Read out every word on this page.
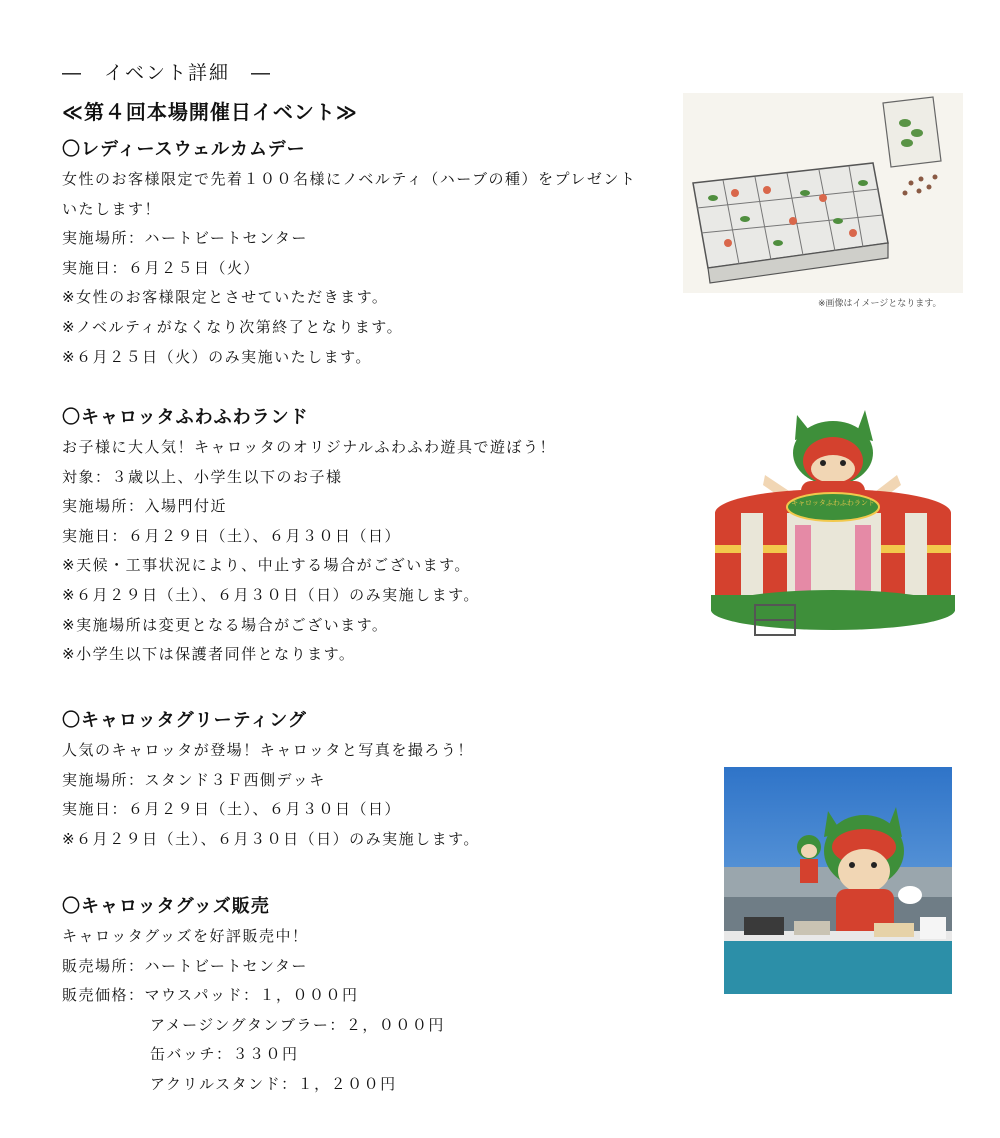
―　イベント詳細　―
≪第４回本場開催日イベント≫
〇レディースウェルカムデー
女性のお客様限定で先着１００名様にノベルティ（ハーブの種）をプレゼントいたします！
実施場所：ハートビートセンター
実施日：６月２５日（火）
※女性のお客様限定とさせていただきます。
※ノベルティがなくなり次第終了となります。
※６月２５日（火）のみ実施いたします。
〇キャロッタふわふわランド
お子様に大人気！キャロッタのオリジナルふわふわ遊具で遊ぼう！
対象：３歳以上、小学生以下のお子様
実施場所：入場門付近
実施日：６月２９日（土）、６月３０日（日）
※天候・工事状況により、中止する場合がございます。
※６月２９日（土）、６月３０日（日）のみ実施します。
※実施場所は変更となる場合がございます。
※小学生以下は保護者同伴となります。
〇キャロッタグリーティング
人気のキャロッタが登場！キャロッタと写真を撮ろう！
実施場所：スタンド３Ｆ西側デッキ
実施日：６月２９日（土）、６月３０日（日）
※６月２９日（土）、６月３０日（日）のみ実施します。
〇キャロッタグッズ販売
キャロッタグッズを好評販売中！
販売場所：ハートビートセンター
販売価格：マウスパッド：１，０００円
アメージングタンブラー：２，０００円
缶バッチ：３３０円
アクリルスタンド：１，２００円
※画像はイメージとなります。
キャロッタふわふわランド
